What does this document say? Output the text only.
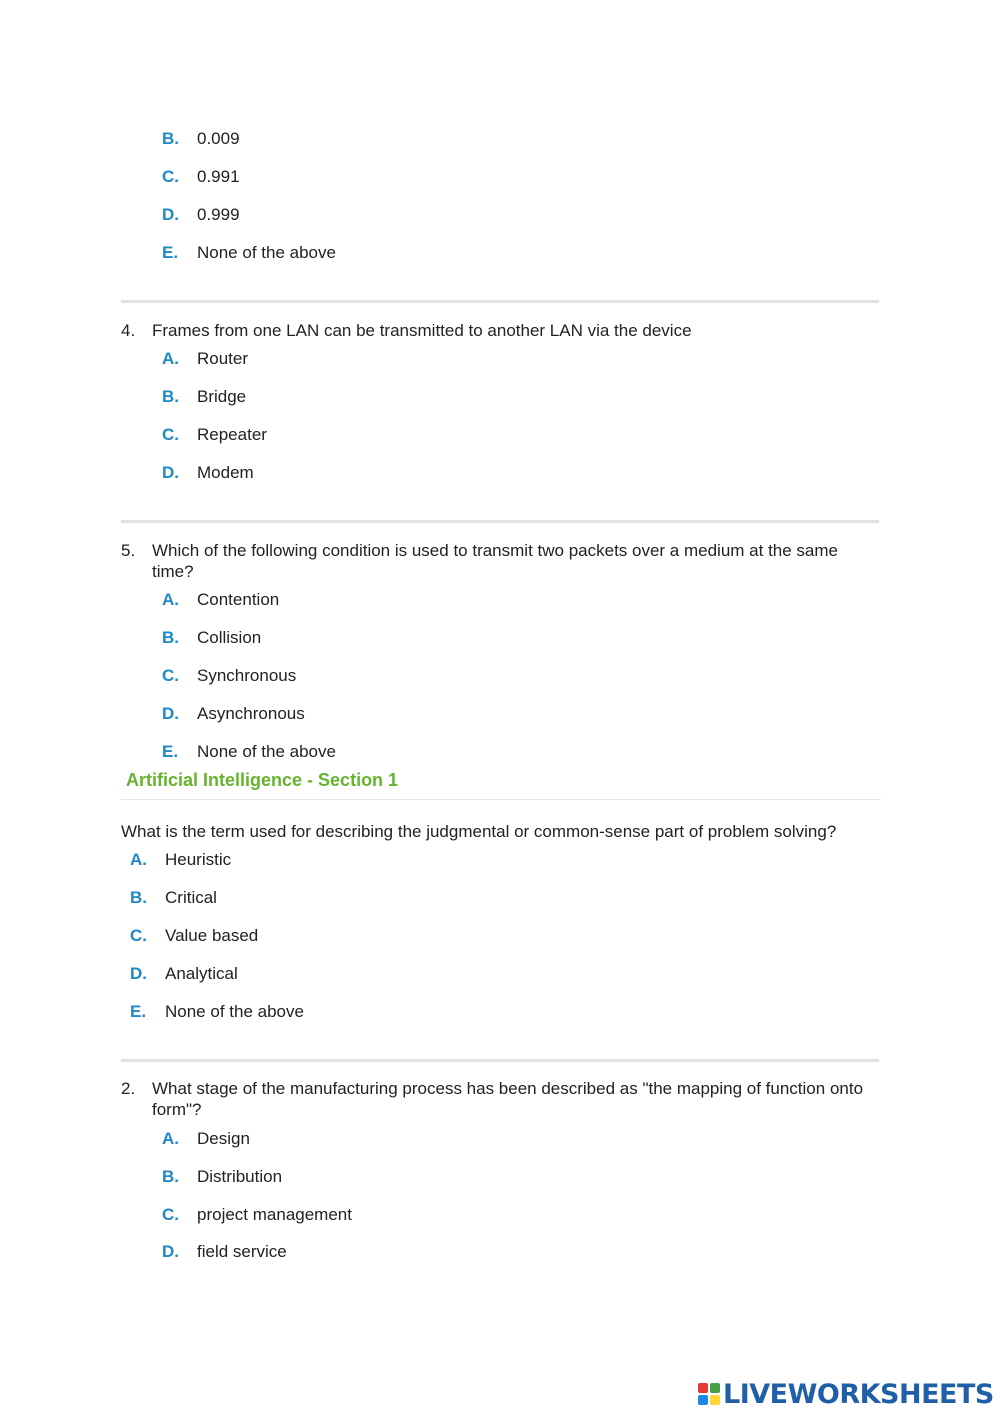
B. 0.009
C. 0.991
D. 0.999
E. None of the above
4. Frames from one LAN can be transmitted to another LAN via the device
A. Router
B. Bridge
C. Repeater
D. Modem
5. Which of the following condition is used to transmit two packets over a medium at the same time?
A. Contention
B. Collision
C. Synchronous
D. Asynchronous
E. None of the above
Artificial Intelligence - Section 1
What is the term used for describing the judgmental or common-sense part of problem solving?
A. Heuristic
B. Critical
C. Value based
D. Analytical
E. None of the above
2. What stage of the manufacturing process has been described as "the mapping of function onto form"?
A. Design
B. Distribution
C. project management
D. field service
LIVEWORKSHEETS
